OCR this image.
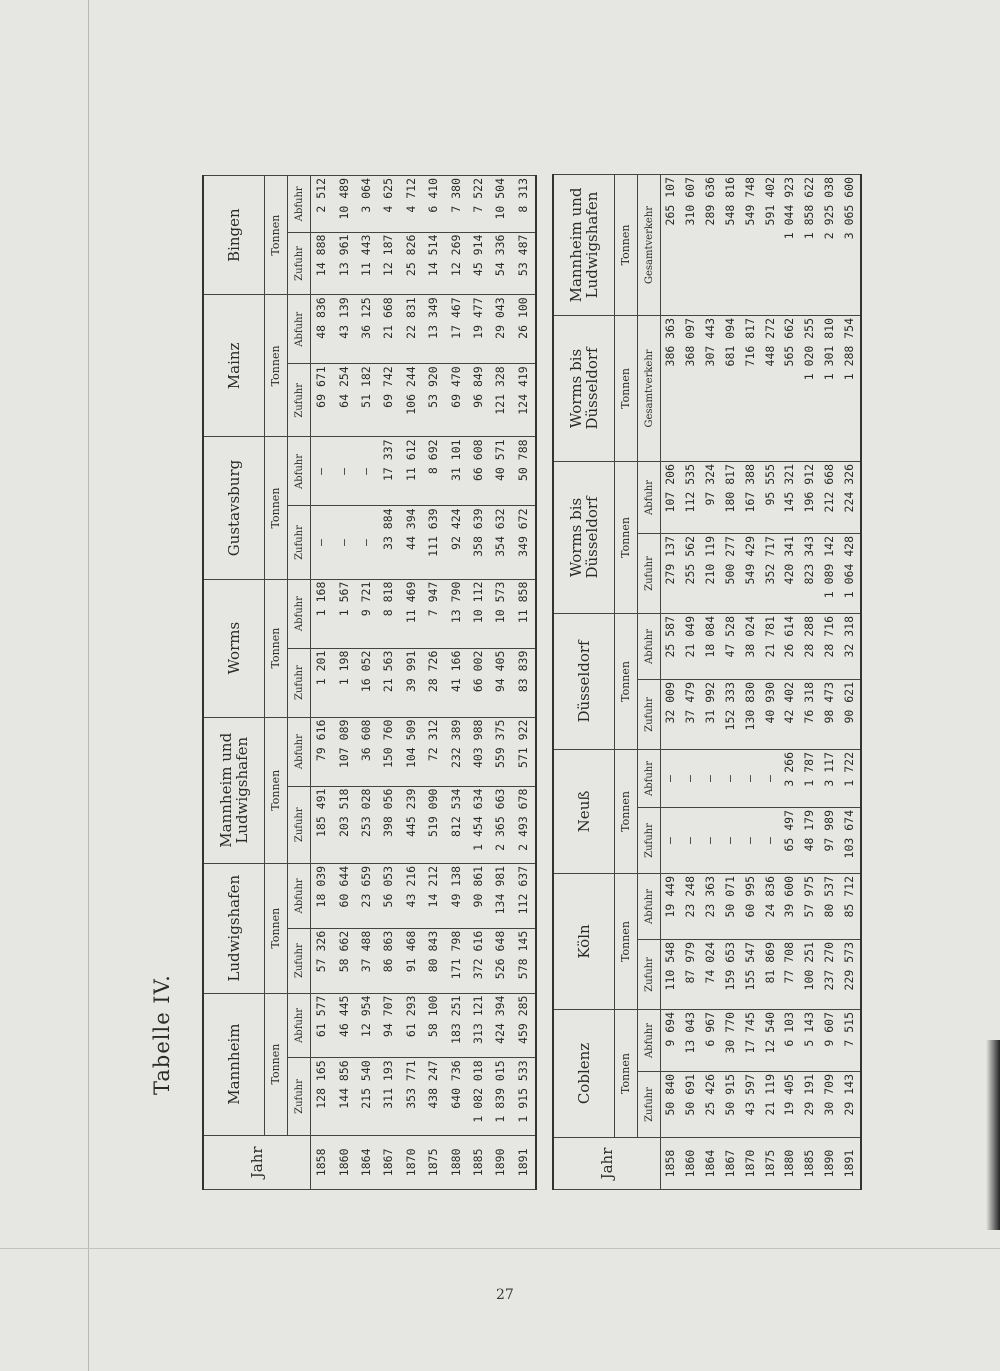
Tabelle IV.
Jahr	Mannheim		Ludwigshafen		Mannheim und Ludwigshafen		Worms		Gustavsburg		Mainz		Bingen	
	Tonnen		Tonnen		Tonnen		Tonnen		Tonnen		Tonnen		Tonnen	
	Zufuhr	Abfuhr	Zufuhr	Abfuhr	Zufuhr	Abfuhr	Zufuhr	Abfuhr	Zufuhr	Abfuhr	Zufuhr	Abfuhr	Zufuhr	Abfuhr
1858	128 165	61 577	57 326	18 039	185 491	79 616	1 201	1 168	—	—	69 671	48 836	14 888	2 512
1860	144 856	46 445	58 662	60 644	203 518	107 089	1 198	1 567	—	—	64 254	43 139	13 961	10 489
1864	215 540	12 954	37 488	23 659	253 028	36 608	16 052	9 721	—	—	51 182	36 125	11 443	3 064
1867	311 193	94 707	86 863	56 053	398 056	150 760	21 563	8 818	33 884	17 337	69 742	21 668	12 187	4 625
1870	353 771	61 293	91 468	43 216	445 239	104 509	39 991	11 469	44 394	11 612	106 244	22 831	25 826	4 712
1875	438 247	58 100	80 843	14 212	519 090	72 312	28 726	7 947	111 639	8 692	53 920	13 349	14 514	6 410
1880	640 736	183 251	171 798	49 138	812 534	232 389	41 166	13 790	92 424	31 101	69 470	17 467	12 269	7 380
1885	1 082 018	313 121	372 616	90 861	1 454 634	403 988	66 002	10 112	358 639	66 608	96 849	19 477	45 914	7 522
1890	1 839 015	424 394	526 648	134 981	2 365 663	559 375	94 405	10 573	354 632	40 571	121 328	29 043	54 336	10 504
1891	1 915 533	459 285	578 145	112 637	2 493 678	571 922	83 839	11 858	349 672	50 788	124 419	26 100	53 487	8 313
Jahr	Coblenz		Köln		Neuß		Düsseldorf		Worms bis Düsseldorf		Worms bis Düsseldorf	Mannheim und Ludwigshafen
	Tonnen		Tonnen		Tonnen		Tonnen		Tonnen		Tonnen	Tonnen
	Zufuhr	Abfuhr	Zufuhr	Abfuhr	Zufuhr	Abfuhr	Zufuhr	Abfuhr	Zufuhr	Abfuhr	Gesamtverkehr	Gesamtverkehr
1858	50 840	9 694	110 548	19 449	—	—	32 009	25 587	279 137	107 206	386 363	265 107
1860	50 691	13 043	87 979	23 248	—	—	37 479	21 049	255 562	112 535	368 097	310 607
1864	25 426	6 967	74 024	23 363	—	—	31 992	18 084	210 119	97 324	307 443	289 636
1867	50 915	30 770	159 653	50 071	—	—	152 333	47 528	500 277	180 817	681 094	548 816
1870	43 597	17 745	155 547	60 995	—	—	130 830	38 024	549 429	167 388	716 817	549 748
1875	21 119	12 540	81 869	24 836	—	—	40 930	21 781	352 717	95 555	448 272	591 402
1880	19 405	6 103	77 708	39 600	65 497	3 266	42 402	26 614	420 341	145 321	565 662	1 044 923
1885	29 191	5 143	100 251	57 975	48 179	1 787	76 318	28 288	823 343	196 912	1 020 255	1 858 622
1890	30 709	9 607	237 270	80 537	97 989	3 117	98 473	28 716	1 089 142	212 668	1 301 810	2 925 038
1891	29 143	7 515	229 573	85 712	103 674	1 722	90 621	32 318	1 064 428	224 326	1 288 754	3 065 600
27
